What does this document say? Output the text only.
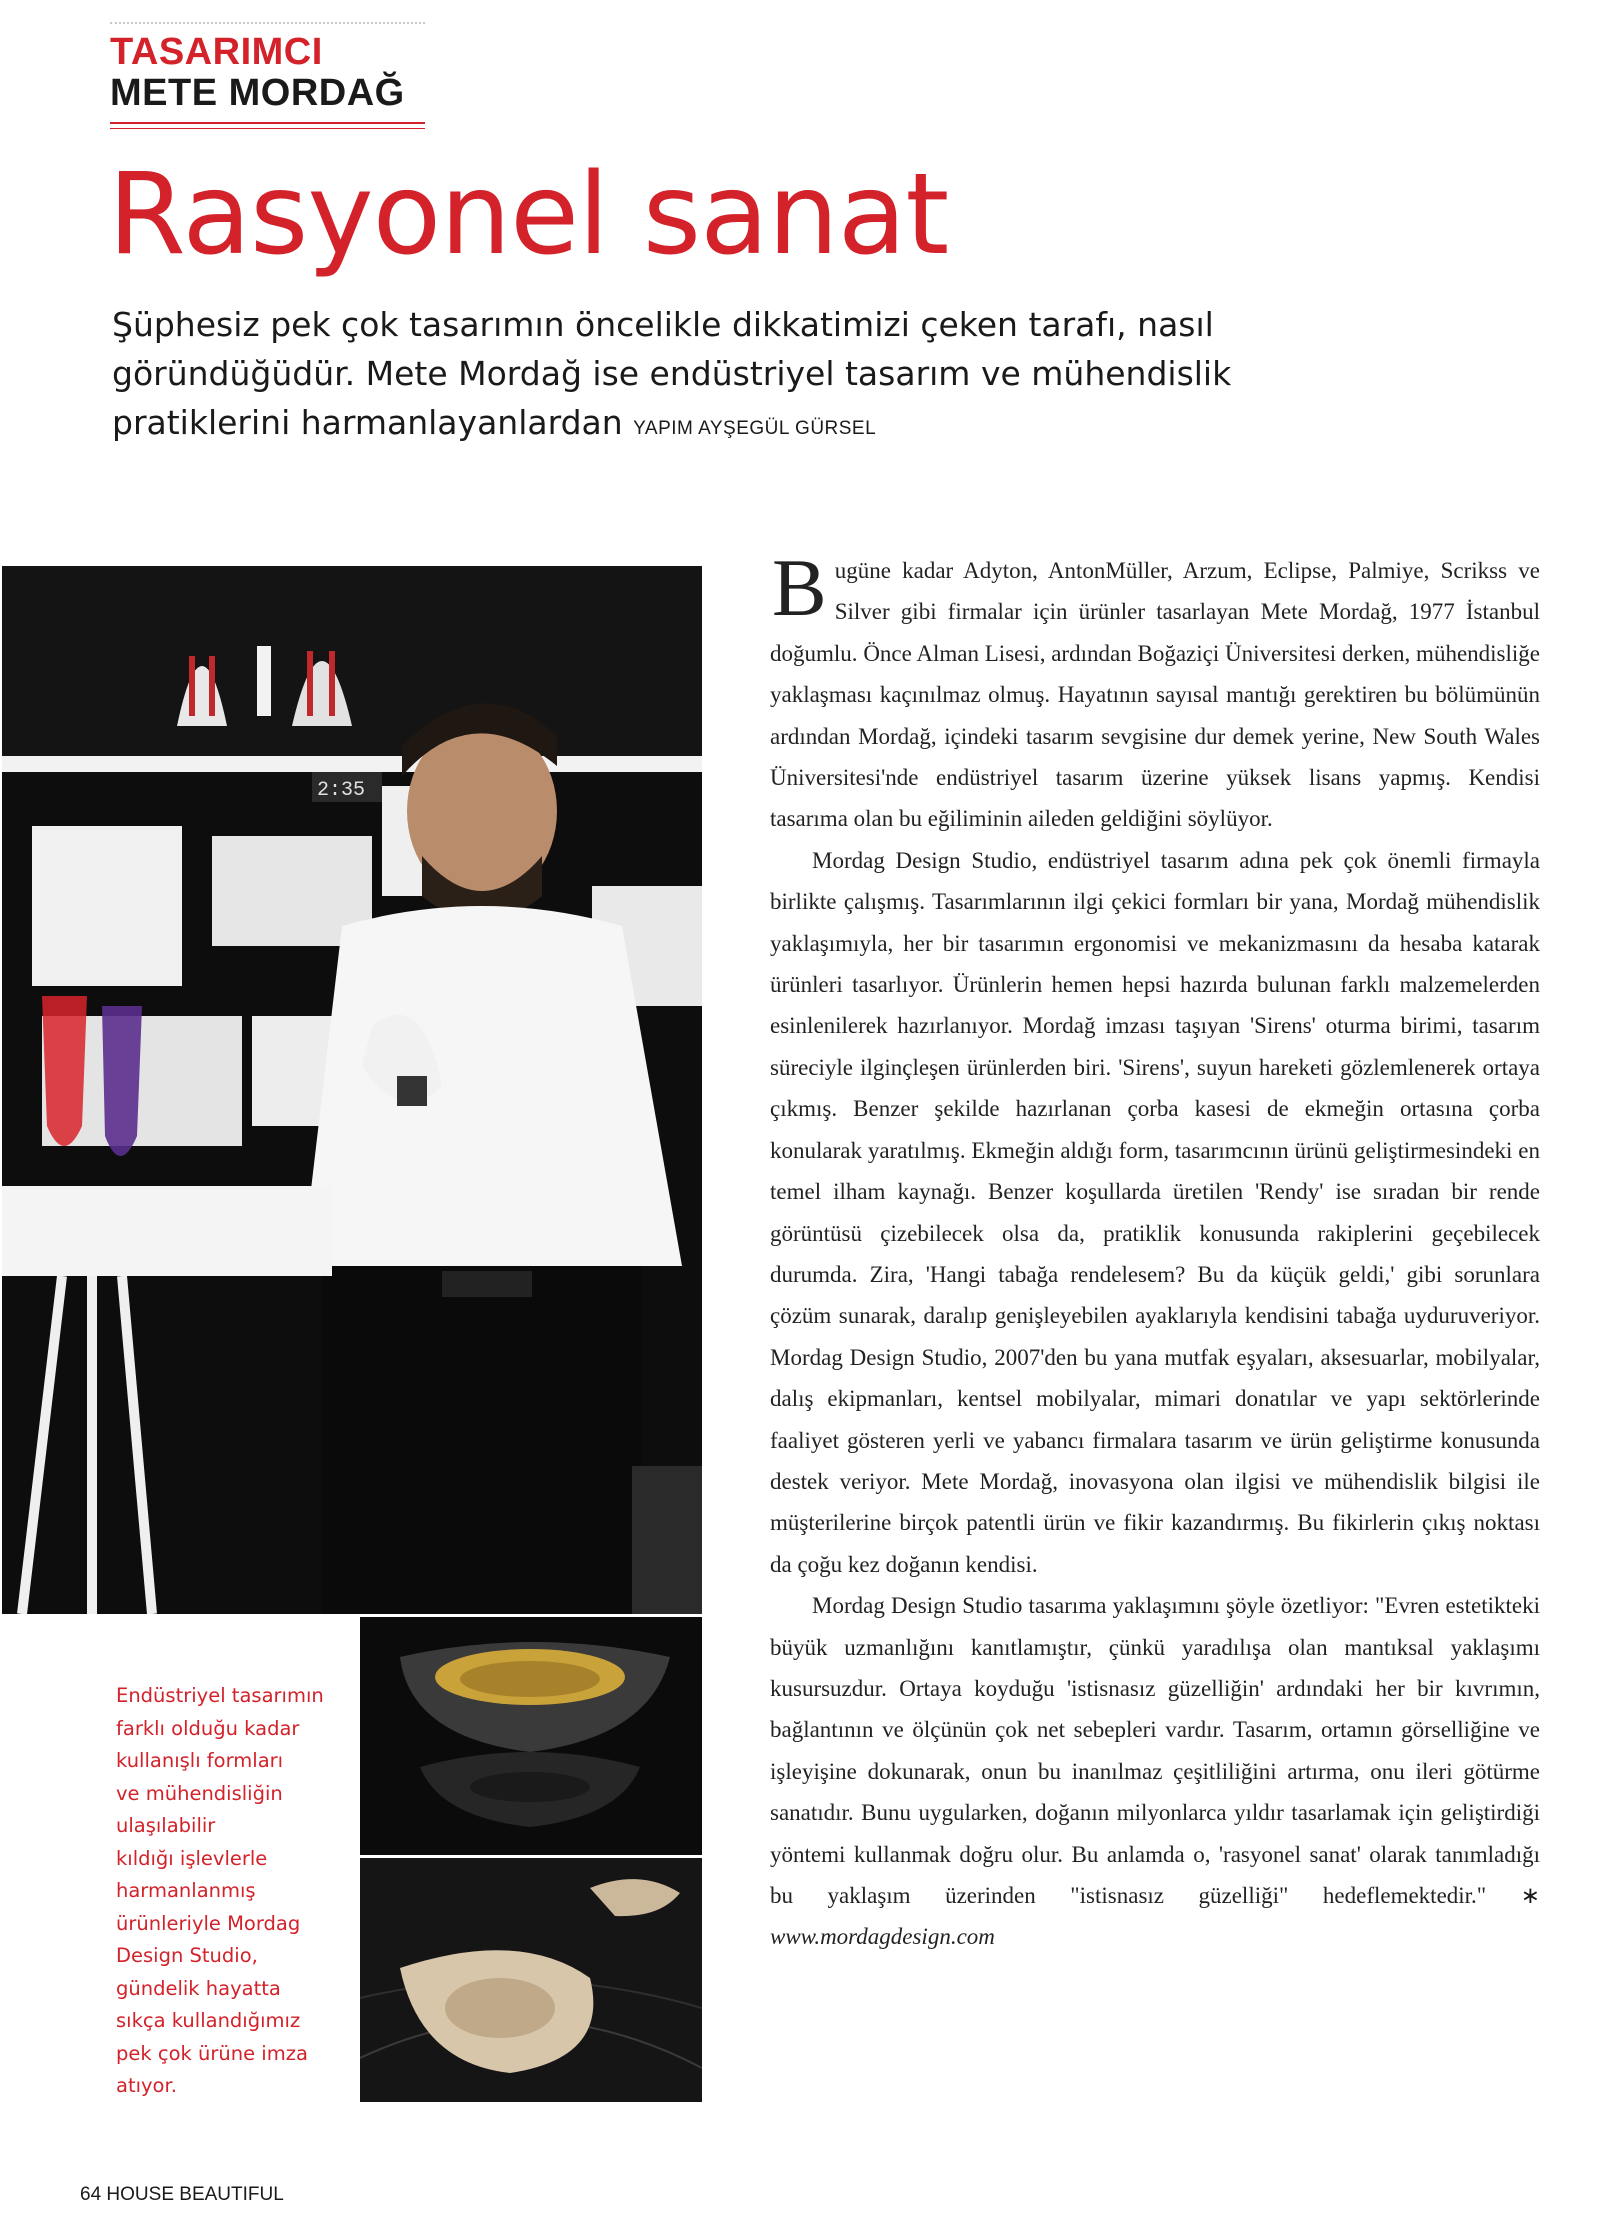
TASARIMCI
METE MORDAĞ
Rasyonel sanat
Şüphesiz pek çok tasarımın öncelikle dikkatimizi çeken tarafı, nasıl göründüğüdür. Mete Mordağ ise endüstriyel tasarım ve mühendislik pratiklerini harmanlayanlardan YAPIM AYŞEGÜL GÜRSEL
2:35
Endüstriyel tasarımın
farklı olduğu kadar
kullanışlı formları
ve mühendisliğin
ulaşılabilir
kıldığı işlevlerle
harmanlanmış
ürünleriyle Mordag
Design Studio,
gündelik hayatta
sıkça kullandığımız
pek çok ürüne imza
atıyor.

Bugüne kadar Adyton, AntonMüller, Arzum, Eclipse, Palmiye, Scrikss ve Silver gibi firmalar için ürünler tasarlayan Mete Mordağ, 1977 İstanbul doğumlu. Önce Alman Lisesi, ardından Boğaziçi Üniversitesi derken, mühendisliğe yaklaşması kaçınılmaz olmuş. Hayatının sayısal mantığı gerektiren bu bölümünün ardından Mordağ, içindeki tasarım sevgisine dur demek yerine, New South Wales Üniversitesi'nde endüstriyel tasarım üzerine yüksek lisans yapmış. Kendisi tasarıma olan bu eğiliminin aileden geldiğini söylüyor.

Mordag Design Studio, endüstriyel tasarım adına pek çok önemli firmayla birlikte çalışmış. Tasarımlarının ilgi çekici formları bir yana, Mordağ mühendislik yaklaşımıyla, her bir tasarımın ergonomisi ve mekanizmasını da hesaba katarak ürünleri tasarlıyor. Ürünlerin hemen hepsi hazırda bulunan farklı malzemelerden esinlenilerek hazırlanıyor. Mordağ imzası taşıyan 'Sirens' oturma birimi, tasarım süreciyle ilginçleşen ürünlerden biri. 'Sirens', suyun hareketi gözlemlenerek ortaya çıkmış. Benzer şekilde hazırlanan çorba kasesi de ekmeğin ortasına çorba konularak yaratılmış. Ekmeğin aldığı form, tasarımcının ürünü geliştirmesindeki en temel ilham kaynağı. Benzer koşullarda üretilen 'Rendy' ise sıradan bir rende görüntüsü çizebilecek olsa da, pratiklik konusunda rakiplerini geçebilecek durumda. Zira, 'Hangi tabağa rendelesem? Bu da küçük geldi,' gibi sorunlara çözüm sunarak, daralıp genişleyebilen ayaklarıyla kendisini tabağa uyduruveriyor. Mordag Design Studio, 2007'den bu yana mutfak eşyaları, aksesuarlar, mobilyalar, dalış ekipmanları, kentsel mobilyalar, mimari donatılar ve yapı sektörlerinde faaliyet gösteren yerli ve yabancı firmalara tasarım ve ürün geliştirme konusunda destek veriyor. Mete Mordağ, inovasyona olan ilgisi ve mühendislik bilgisi ile müşterilerine birçok patentli ürün ve fikir kazandırmış. Bu fikirlerin çıkış noktası da çoğu kez doğanın kendisi.

Mordag Design Studio tasarıma yaklaşımını şöyle özetliyor: "Evren estetikteki büyük uzmanlığını kanıtlamıştır, çünkü yaradılışa olan mantıksal yaklaşımı kusursuzdur. Ortaya koyduğu 'istisnasız güzelliğin' ardındaki her bir kıvrımın, bağlantının ve ölçünün çok net sebepleri vardır. Tasarım, ortamın görselliğine ve işleyişine dokunarak, onun bu inanılmaz çeşitliliğini artırma, onu ileri götürme sanatıdır. Bunu uygularken, doğanın milyonlarca yıldır tasarlamak için geliştirdiği yöntemi kullanmak doğru olur. Bu anlamda o, 'rasyonel sanat' olarak tanımladığı bu yaklaşım üzerinden "istisnasız güzelliği" hedeflemektedir." ∗ www.mordagdesign.com

64 HOUSE BEAUTIFUL
